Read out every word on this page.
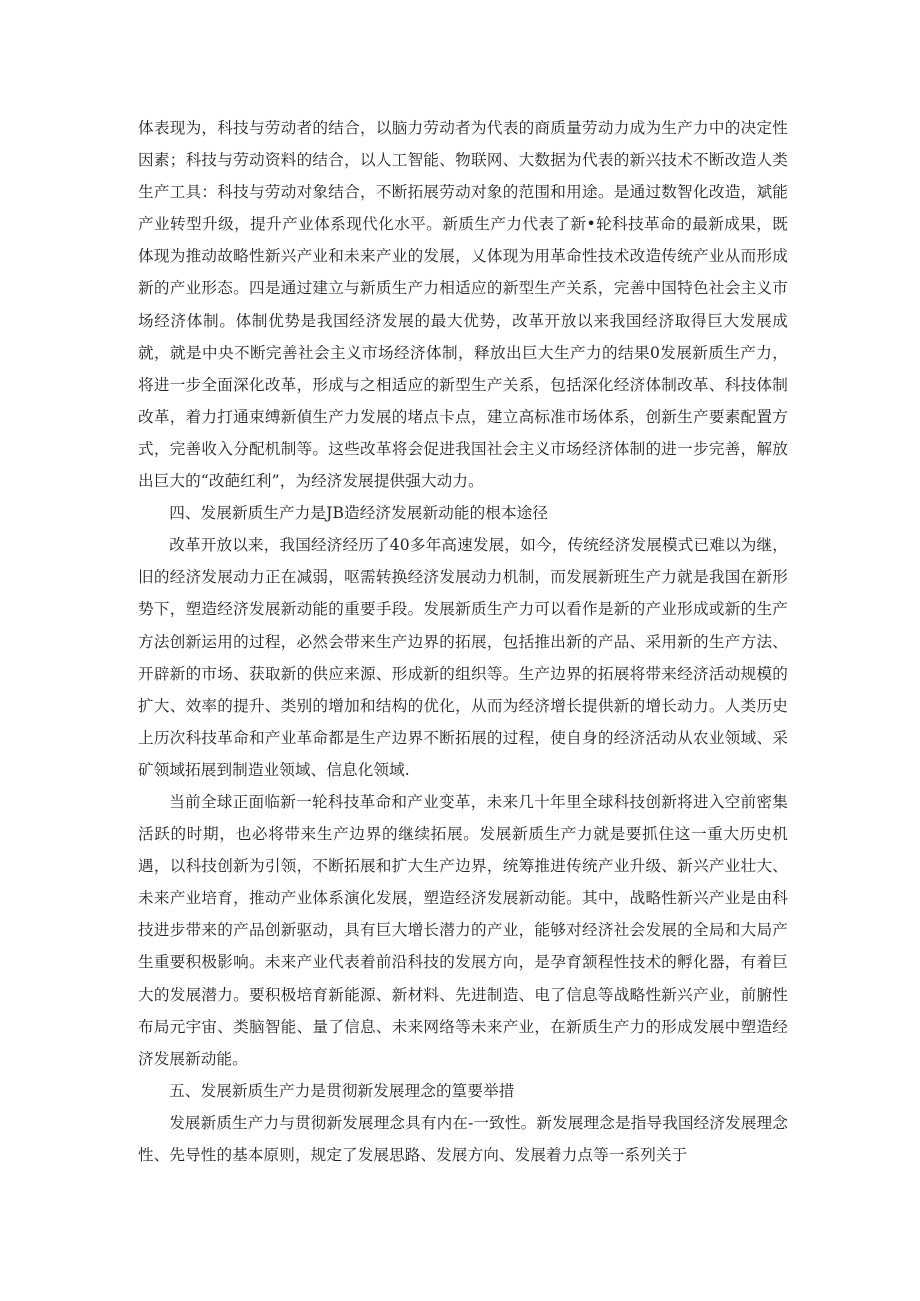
体表现为，科技与劳动者的结合，以脑力劳动者为代表的商质量劳动力成为生产力中的决定性因素；科技与劳动资料的结合，以人工智能、物联网、大数据为代表的新兴技术不断改造人类生产工具：科技与劳动对象结合，不断拓展劳动对象的范围和用途。是通过数智化改造，斌能产业转型升级，提升产业体系现代化水平。新质生产力代表了新•轮科技革命的最新成果，既体现为推动故略性新兴产业和未来产业的发展，乂体现为用革命性技术改造传统产业从而形成新的产业形态。四是通过建立与新质生产力相适应的新型生产关系，完善中国特色社会主义市场经济体制。体制优势是我国经济发展的最大优势，改革开放以来我国经济取得巨大发展成就，就是中央不断完善社会主义市场经济体制，释放出巨大生产力的结果0发展新质生产力，将进一步全面深化改革，形成与之相适应的新型生产关系，包括深化经济体制改革、科技体制改革，着力打通束缚新偵生产力发展的堵点卡点，建立高标准市场体系，创新生产要素配置方式，完善收入分配机制等。这些改革将会促进我国社会主义市场经济体制的进一步完善，解放出巨大的“改葩红利”，为经济发展提供强大动力。

四、发展新质生产力是JB造经济发展新动能的根本途径

改革开放以来，我国经济经历了40多年高速发展，如今，传统经济发展模式已难以为继，旧的经济发展动力正在减弱，呕需转换经济发展动力机制，而发展新班生产力就是我国在新形势下，塑造经济发展新动能的重要手段。发展新质生产力可以看作是新的产业形成或新的生产方法创新运用的过程，必然会带来生产边界的拓展，包括推出新的产品、采用新的生产方法、开辟新的市场、获取新的供应来源、形成新的组织等。生产边界的拓展将带来经济活动规模的扩大、效率的提升、类别的增加和结构的优化，从而为经济增长提供新的增长动力。人类历史上历次科技革命和产业革命都是生产边界不断拓展的过程，使自身的经济活动从农业领域、采矿领域拓展到制造业领域、信息化领域.

当前全球正面临新一轮科技革命和产业变革，未来几十年里全球科技创新将进入空前密集活跃的时期，也必将带来生产边界的继续拓展。发展新质生产力就是要抓住这一重大历史机遇，以科技创新为引领，不断拓展和扩大生产边界，统筹推进传统产业升级、新兴产业壮大、未来产业培育，推动产业体系演化发展，塑造经济发展新动能。其中，战略性新兴产业是由科技进步带来的产品创新驱动，具有巨大增长潜力的产业，能够对经济社会发展的全局和大局产生重要积极影响。未来产业代表着前沿科技的发展方向，是孕育颔程性技术的孵化器，有着巨大的发展潜力。要积极培育新能源、新材料、先进制造、电了信息等战略性新兴产业，前腑性布局元宇宙、类脑智能、量了信息、未来网络等未来产业，在新质生产力的形成发展中塑造经济发展新动能。

五、发展新质生产力是贯彻新发展理念的篁要举措

发展新质生产力与贯彻新发展理念具有内在-一致性。新发展理念是指导我国经济发展理念性、先导性的基本原则，规定了发展思路、发展方向、发展着力点等一系列关于
